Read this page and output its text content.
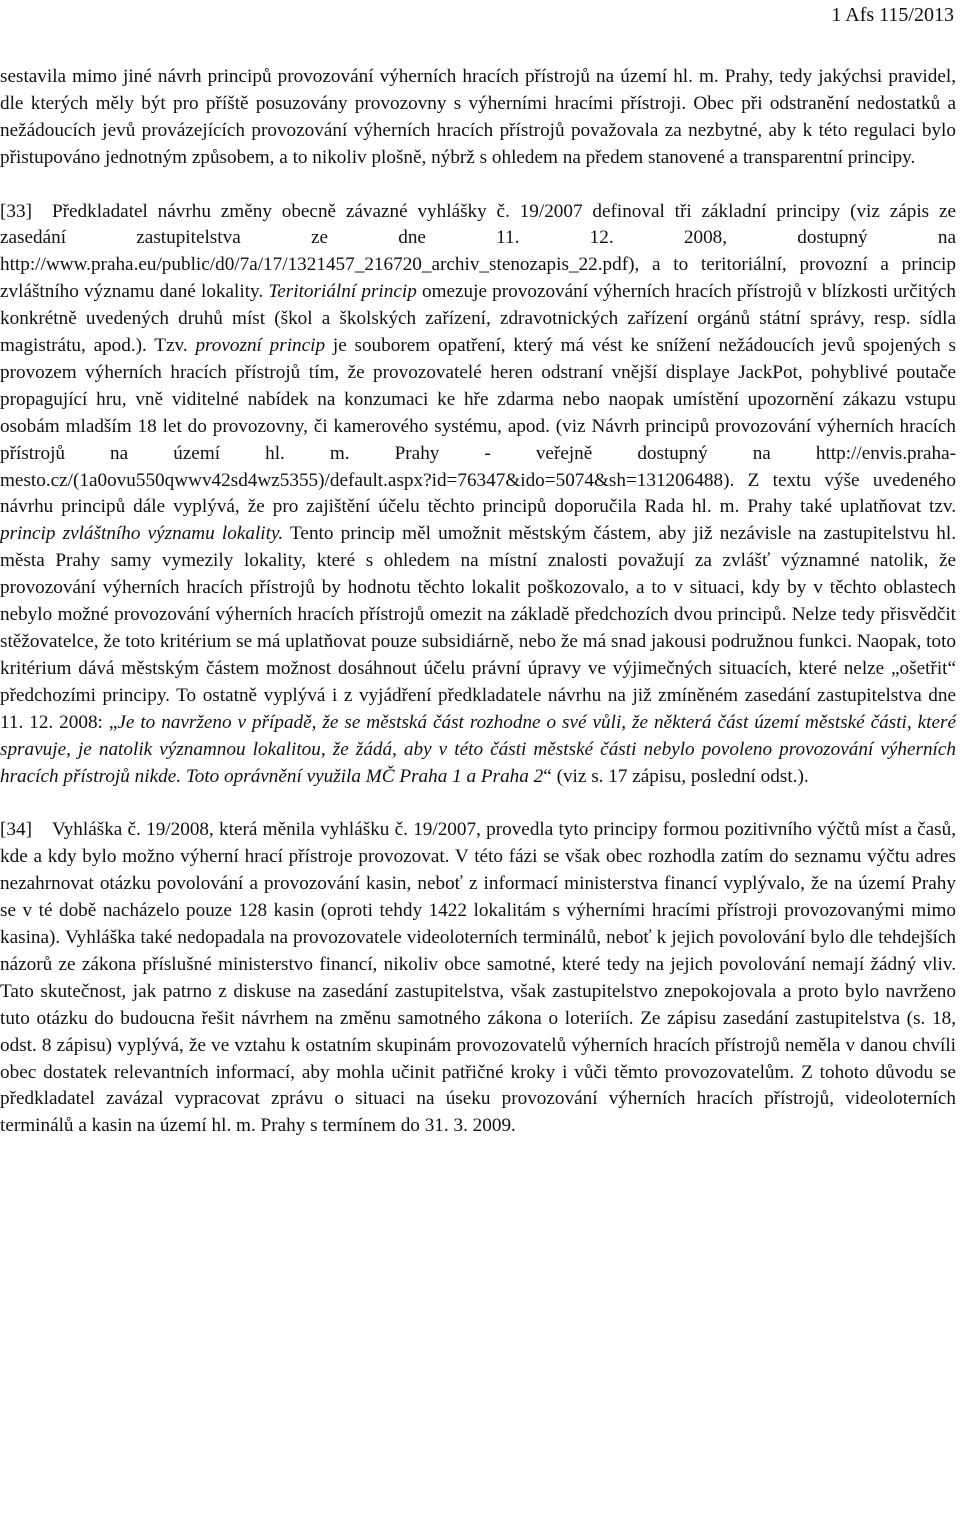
1 Afs 115/2013

sestavila mimo jiné návrh principů provozování výherních hracích přístrojů na území hl. m. Prahy, tedy jakýchsi pravidel, dle kterých měly být pro příště posuzovány provozovny s výherními hracími přístroji. Obec při odstranění nedostatků a nežádoucích jevů provázejících provozování výherních hracích přístrojů považovala za nezbytné, aby k této regulaci bylo přistupováno jednotným způsobem, a to nikoliv plošně, nýbrž s ohledem na předem stanovené a transparentní principy.

[33] Předkladatel návrhu změny obecně závazné vyhlášky č. 19/2007 definoval tři základní principy (viz zápis ze zasedání zastupitelstva ze dne 11. 12. 2008, dostupný na http://www.praha.eu/public/d0/7a/17/1321457_216720_archiv_stenozapis_22.pdf), a to teritoriální, provozní a princip zvláštního významu dané lokality. Teritoriální princip omezuje provozování výherních hracích přístrojů v blízkosti určitých konkrétně uvedených druhů míst (škol a školských zařízení, zdravotnických zařízení orgánů státní správy, resp. sídla magistrátu, apod.). Tzv. provozní princip je souborem opatření, který má vést ke snížení nežádoucích jevů spojených s provozem výherních hracích přístrojů tím, že provozovatelé heren odstraní vnější displaye JackPot, pohyblivé poutače propagující hru, vně viditelné nabídek na konzumaci ke hře zdarma nebo naopak umístění upozornění zákazu vstupu osobám mladším 18 let do provozovny, či kamerového systému, apod. (viz Návrh principů provozování výherních hracích přístrojů na území hl. m. Prahy - veřejně dostupný na http://envis.praha-mesto.cz/(1a0ovu550qwwv42sd4wz5355)/default.aspx?id=76347&ido=5074&sh=131206488). Z textu výše uvedeného návrhu principů dále vyplývá, že pro zajištění účelu těchto principů doporučila Rada hl. m. Prahy také uplatňovat tzv. princip zvláštního významu lokality. Tento princip měl umožnit městským částem, aby již nezávisle na zastupitelstvu hl. města Prahy samy vymezily lokality, které s ohledem na místní znalosti považují za zvlášť významné natolik, že provozování výherních hracích přístrojů by hodnotu těchto lokalit poškozovalo, a to v situaci, kdy by v těchto oblastech nebylo možné provozování výherních hracích přístrojů omezit na základě předchozích dvou principů. Nelze tedy přisvědčit stěžovatelce, že toto kritérium se má uplatňovat pouze subsidiárně, nebo že má snad jakousi podružnou funkci. Naopak, toto kritérium dává městským částem možnost dosáhnout účelu právní úpravy ve výjimečných situacích, které nelze „ošetřit“ předchozími principy. To ostatně vyplývá i z vyjádření předkladatele návrhu na již zmíněném zasedání zastupitelstva dne 11. 12. 2008: „Je to navrženo v případě, že se městská část rozhodne o své vůli, že některá část území městské části, které spravuje, je natolik významnou lokalitou, že žádá, aby v této části městské části nebylo povoleno provozování výherních hracích přístrojů nikde. Toto oprávnění využila MČ Praha 1 a Praha 2“ (viz s. 17 zápisu, poslední odst.).

[34] Vyhláška č. 19/2008, která měnila vyhlášku č. 19/2007, provedla tyto principy formou pozitivního výčtů míst a časů, kde a kdy bylo možno výherní hrací přístroje provozovat. V této fázi se však obec rozhodla zatím do seznamu výčtu adres nezahrnovat otázku povolování a provozování kasin, neboť z informací ministerstva financí vyplývalo, že na území Prahy se v té době nacházelo pouze 128 kasin (oproti tehdy 1422 lokalitám s výherními hracími přístroji provozovanými mimo kasina). Vyhláška také nedopadala na provozovatele videoloterních terminálů, neboť k jejich povolování bylo dle tehdejších názorů ze zákona příslušné ministerstvo financí, nikoliv obce samotné, které tedy na jejich povolování nemají žádný vliv. Tato skutečnost, jak patrno z diskuse na zasedání zastupitelstva, však zastupitelstvo znepokojovala a proto bylo navrženo tuto otázku do budoucna řešit návrhem na změnu samotného zákona o loteriích. Ze zápisu zasedání zastupitelstva (s. 18, odst. 8 zápisu) vyplývá, že ve vztahu k ostatním skupinám provozovatelů výherních hracích přístrojů neměla v danou chvíli obec dostatek relevantních informací, aby mohla učinit patřičné kroky i vůči těmto provozovatelům. Z tohoto důvodu se předkladatel zavázal vypracovat zprávu o situaci na úseku provozování výherních hracích přístrojů, videoloterních terminálů a kasin na území hl. m. Prahy s termínem do 31. 3. 2009.
